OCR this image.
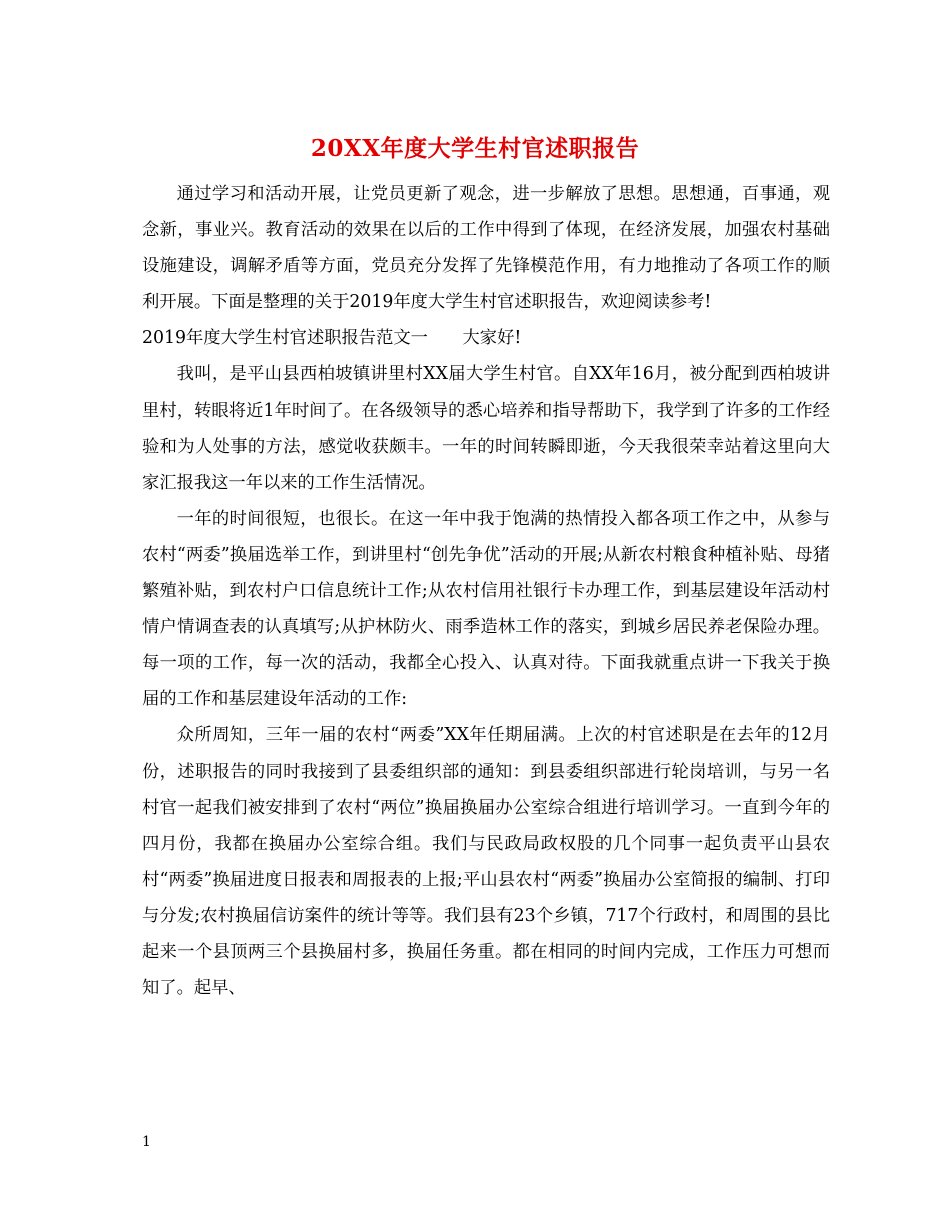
20XX年度大学生村官述职报告

通过学习和活动开展，让党员更新了观念，进一步解放了思想。思想通，百事通，观念新，事业兴。教育活动的效果在以后的工作中得到了体现，在经济发展，加强农村基础设施建设，调解矛盾等方面，党员充分发挥了先锋模范作用，有力地推动了各项工作的顺利开展。下面是整理的关于2019年度大学生村官述职报告，欢迎阅读参考!

2019年度大学生村官述职报告范文一 大家好!

我叫，是平山县西柏坡镇讲里村XX届大学生村官。自XX年16月，被分配到西柏坡讲里村，转眼将近1年时间了。在各级领导的悉心培养和指导帮助下，我学到了许多的工作经验和为人处事的方法，感觉收获颇丰。一年的时间转瞬即逝，今天我很荣幸站着这里向大家汇报我这一年以来的工作生活情况。

一年的时间很短，也很长。在这一年中我于饱满的热情投入都各项工作之中，从参与农村“两委”换届选举工作，到讲里村“创先争优”活动的开展;从新农村粮食种植补贴、母猪繁殖补贴，到农村户口信息统计工作;从农村信用社银行卡办理工作，到基层建设年活动村情户情调查表的认真填写;从护林防火、雨季造林工作的落实，到城乡居民养老保险办理。每一项的工作，每一次的活动，我都全心投入、认真对待。下面我就重点讲一下我关于换届的工作和基层建设年活动的工作:

众所周知，三年一届的农村“两委”XX年任期届满。上次的村官述职是在去年的12月份，述职报告的同时我接到了县委组织部的通知：到县委组织部进行轮岗培训，与另一名村官一起我们被安排到了农村“两位”换届换届办公室综合组进行培训学习。一直到今年的四月份，我都在换届办公室综合组。我们与民政局政权股的几个同事一起负责平山县农村“两委”换届进度日报表和周报表的上报;平山县农村“两委”换届办公室简报的编制、打印与分发;农村换届信访案件的统计等等。我们县有23个乡镇，717个行政村，和周围的县比起来一个县顶两三个县换届村多，换届任务重。都在相同的时间内完成，工作压力可想而知了。起早、

1
